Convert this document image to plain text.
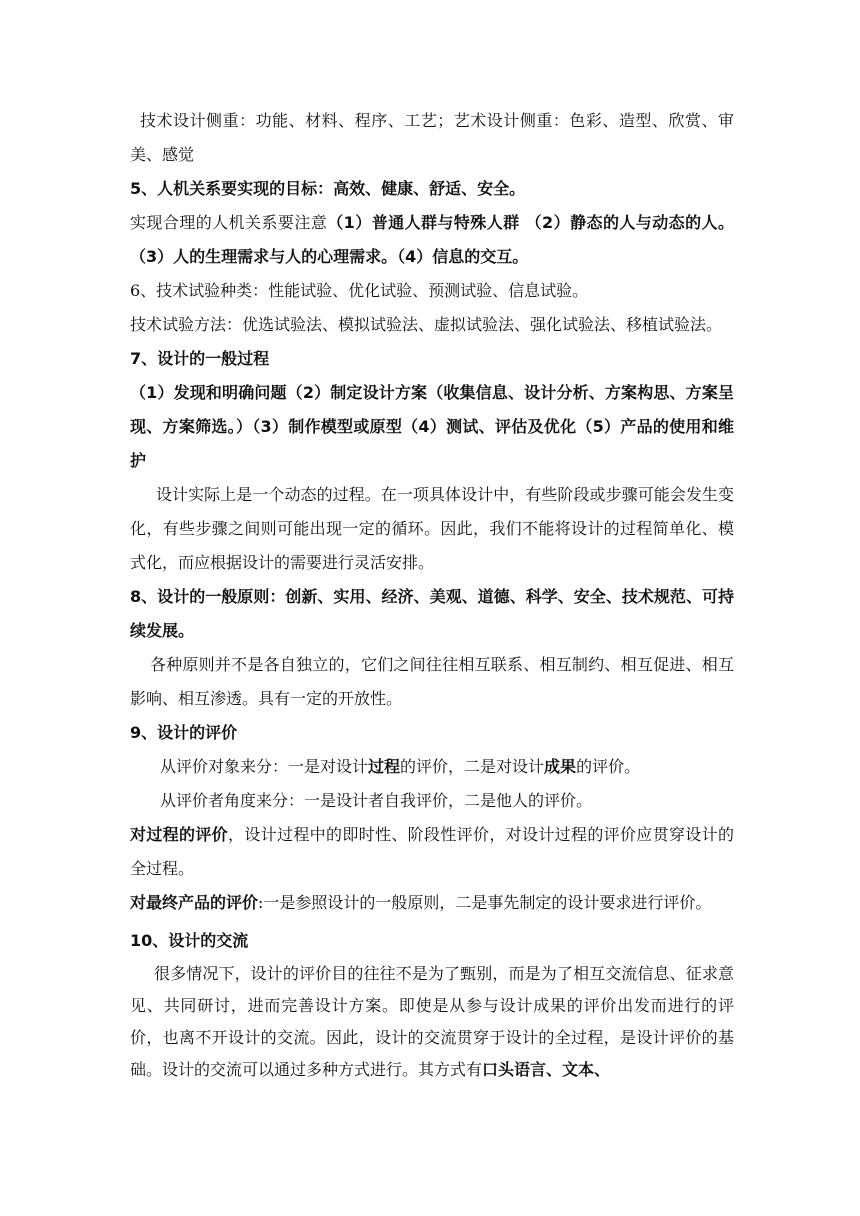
技术设计侧重：功能、材料、程序、工艺；艺术设计侧重：色彩、造型、欣赏、审美、感觉

5、人机关系要实现的目标：高效、健康、舒适、安全。

实现合理的人机关系要注意（1）普通人群与特殊人群 （2）静态的人与动态的人。（3）人的生理需求与人的心理需求。（4）信息的交互。

6、技术试验种类：性能试验、优化试验、预测试验、信息试验。

技术试验方法：优选试验法、模拟试验法、虚拟试验法、强化试验法、移植试验法。

7、设计的一般过程

（1）发现和明确问题（2）制定设计方案（收集信息、设计分析、方案构思、方案呈现、方案筛选。）（3）制作模型或原型（4）测试、评估及优化（5）产品的使用和维护

设计实际上是一个动态的过程。在一项具体设计中，有些阶段或步骤可能会发生变化，有些步骤之间则可能出现一定的循环。因此，我们不能将设计的过程简单化、模式化，而应根据设计的需要进行灵活安排。

8、设计的一般原则：创新、实用、经济、美观、道德、科学、安全、技术规范、可持续发展。

各种原则并不是各自独立的，它们之间往往相互联系、相互制约、相互促进、相互影响、相互渗透。具有一定的开放性。

9、设计的评价

从评价对象来分：一是对设计过程的评价，二是对设计成果的评价。

从评价者角度来分：一是设计者自我评价，二是他人的评价。

对过程的评价，设计过程中的即时性、阶段性评价，对设计过程的评价应贯穿设计的全过程。

对最终产品的评价:一是参照设计的一般原则，二是事先制定的设计要求进行评价。

10、设计的交流

很多情况下，设计的评价目的往往不是为了甄别，而是为了相互交流信息、征求意见、共同研讨，进而完善设计方案。即使是从参与设计成果的评价出发而进行的评价，也离不开设计的交流。因此，设计的交流贯穿于设计的全过程，是设计评价的基础。设计的交流可以通过多种方式进行。其方式有口头语言、文本、
